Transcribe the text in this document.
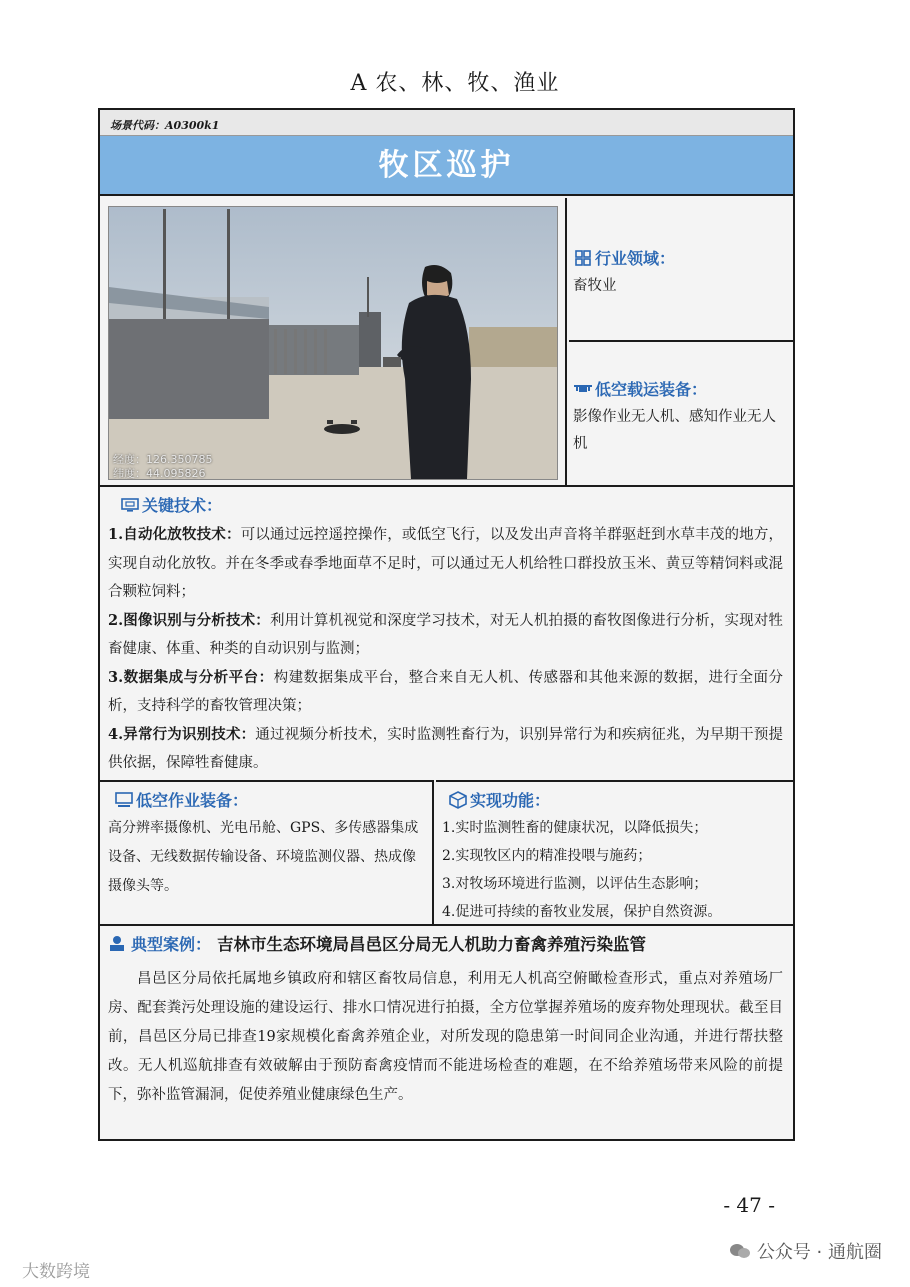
A 农、林、牧、渔业
场景代码：A0300k1
牧区巡护
经度：126.350785
纬度：44.095826
行业领域：
畜牧业
低空载运装备：
影像作业无人机、感知作业无人机
关键技术：

1.自动化放牧技术：可以通过远控遥控操作，或低空飞行，以及发出声音将羊群驱赶到水草丰茂的地方，实现自动化放牧。并在冬季或春季地面草不足时，可以通过无人机给牲口群投放玉米、黄豆等精饲料或混合颗粒饲料；

2.图像识别与分析技术：利用计算机视觉和深度学习技术，对无人机拍摄的畜牧图像进行分析，实现对牲畜健康、体重、种类的自动识别与监测；

3.数据集成与分析平台：构建数据集成平台，整合来自无人机、传感器和其他来源的数据，进行全面分析，支持科学的畜牧管理决策；

4.异常行为识别技术：通过视频分析技术，实时监测牲畜行为，识别异常行为和疾病征兆，为早期干预提供依据，保障牲畜健康。

低空作业装备：
高分辨率摄像机、光电吊舱、GPS、多传感器集成设备、无线数据传输设备、环境监测仪器、热成像摄像头等。
实现功能：
1.实时监测牲畜的健康状况，以降低损失；
2.实现牧区内的精准投喂与施药；
3.对牧场环境进行监测，以评估生态影响；
4.促进可持续的畜牧业发展，保护自然资源。
典型案例： 吉林市生态环境局昌邑区分局无人机助力畜禽养殖污染监管
昌邑区分局依托属地乡镇政府和辖区畜牧局信息，利用无人机高空俯瞰检查形式，重点对养殖场厂房、配套粪污处理设施的建设运行、排水口情况进行拍摄，全方位掌握养殖场的废弃物处理现状。截至目前，昌邑区分局已排查19家规模化畜禽养殖企业，对所发现的隐患第一时间同企业沟通，并进行帮扶整改。无人机巡航排查有效破解由于预防畜禽疫情而不能进场检查的难题，在不给养殖场带来风险的前提下，弥补监管漏洞，促使养殖业健康绿色生产。
- 47 -
大数跨境
公众号 · 通航圈
